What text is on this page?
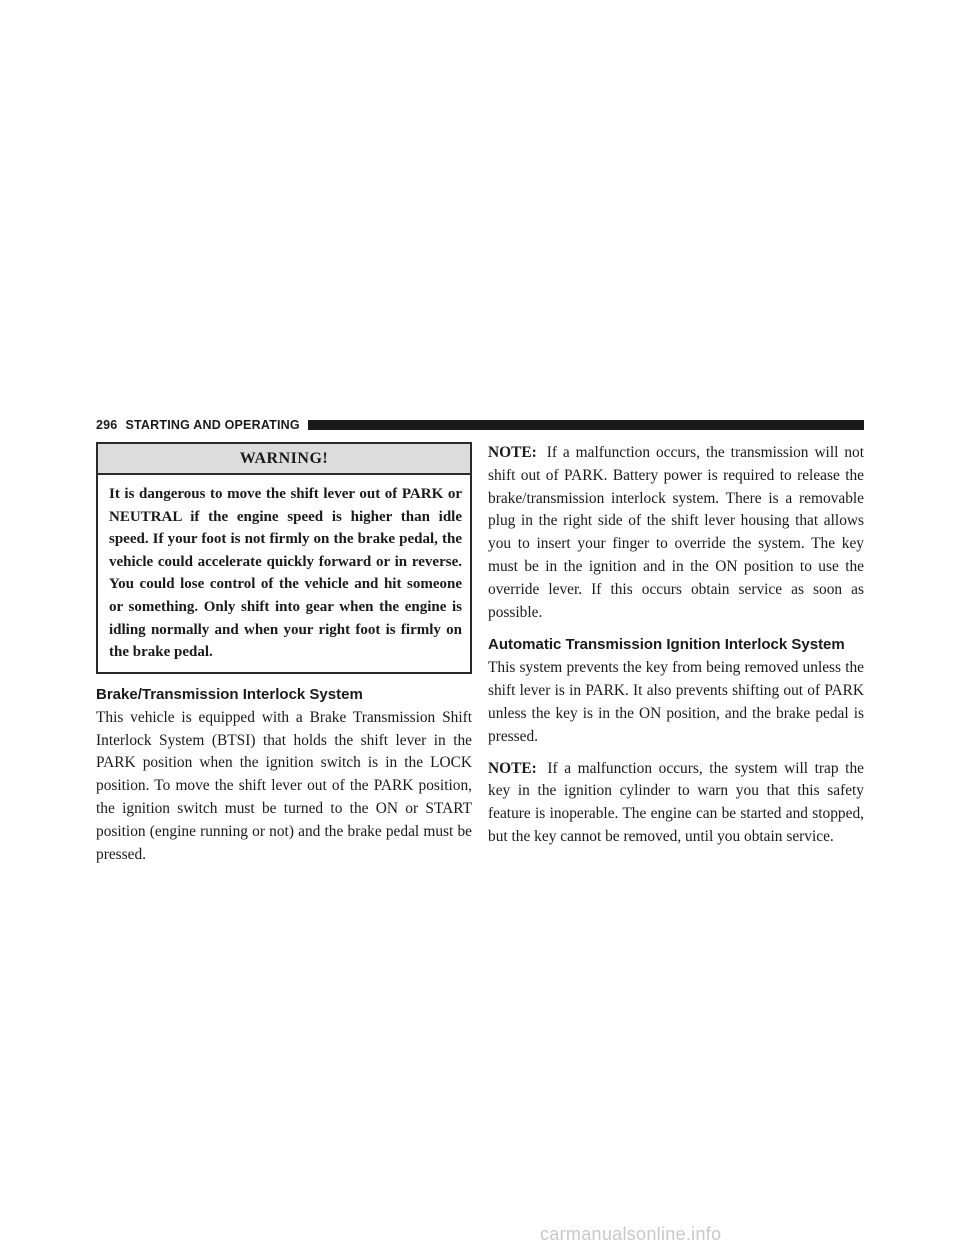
296 STARTING AND OPERATING
WARNING!
It is dangerous to move the shift lever out of PARK or NEUTRAL if the engine speed is higher than idle speed. If your foot is not firmly on the brake pedal, the vehicle could accelerate quickly forward or in reverse. You could lose control of the vehicle and hit someone or something. Only shift into gear when the engine is idling normally and when your right foot is firmly on the brake pedal.
Brake/Transmission Interlock System

This vehicle is equipped with a Brake Transmission Shift Interlock System (BTSI) that holds the shift lever in the PARK position when the ignition switch is in the LOCK position. To move the shift lever out of the PARK position, the ignition switch must be turned to the ON or START position (engine running or not) and the brake pedal must be pressed.

NOTE: If a malfunction occurs, the transmission will not shift out of PARK. Battery power is required to release the brake/transmission interlock system. There is a removable plug in the right side of the shift lever housing that allows you to insert your finger to override the system. The key must be in the ignition and in the ON position to use the override lever. If this occurs obtain service as soon as possible.

Automatic Transmission Ignition Interlock System

This system prevents the key from being removed unless the shift lever is in PARK. It also prevents shifting out of PARK unless the key is in the ON position, and the brake pedal is pressed.

NOTE: If a malfunction occurs, the system will trap the key in the ignition cylinder to warn you that this safety feature is inoperable. The engine can be started and stopped, but the key cannot be removed, until you obtain service.

carmanualsonline.info
